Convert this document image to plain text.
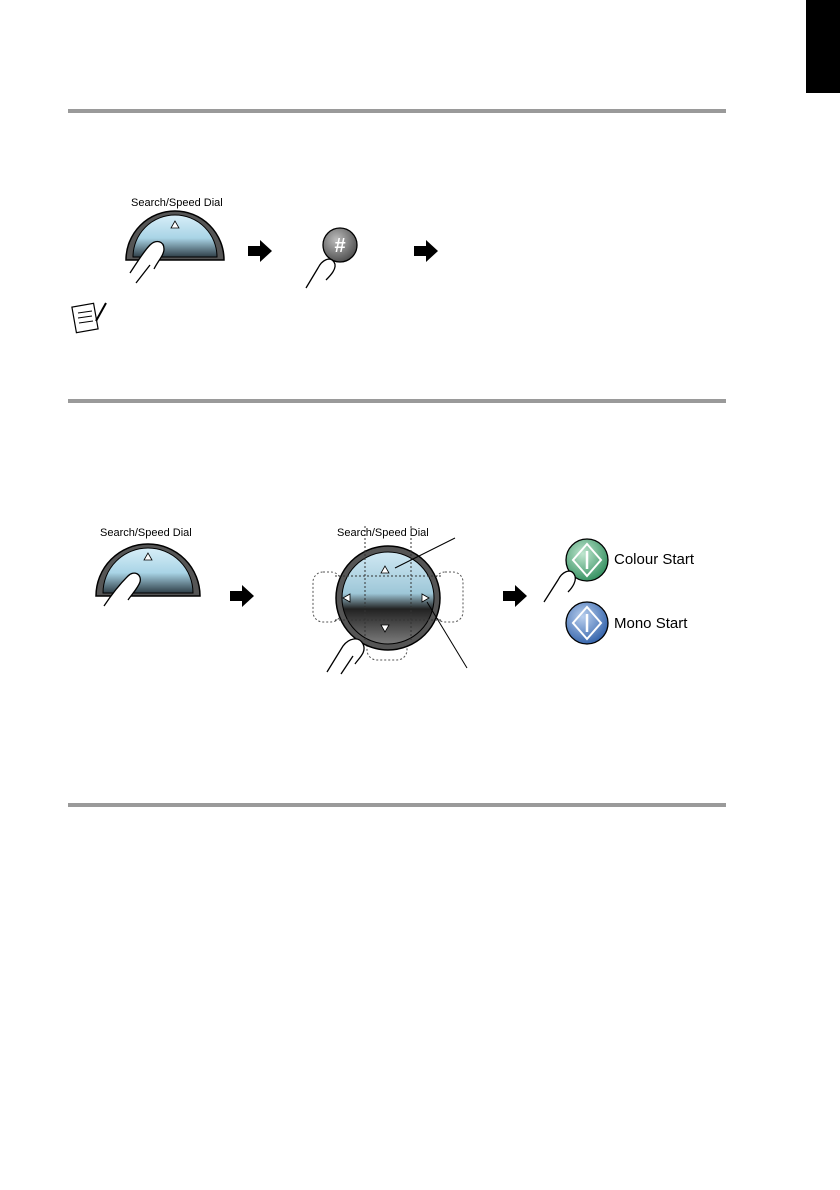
Search/Speed Dial
#
Search/Speed Dial	Search/Speed Dial
Colour Start
Mono Start
